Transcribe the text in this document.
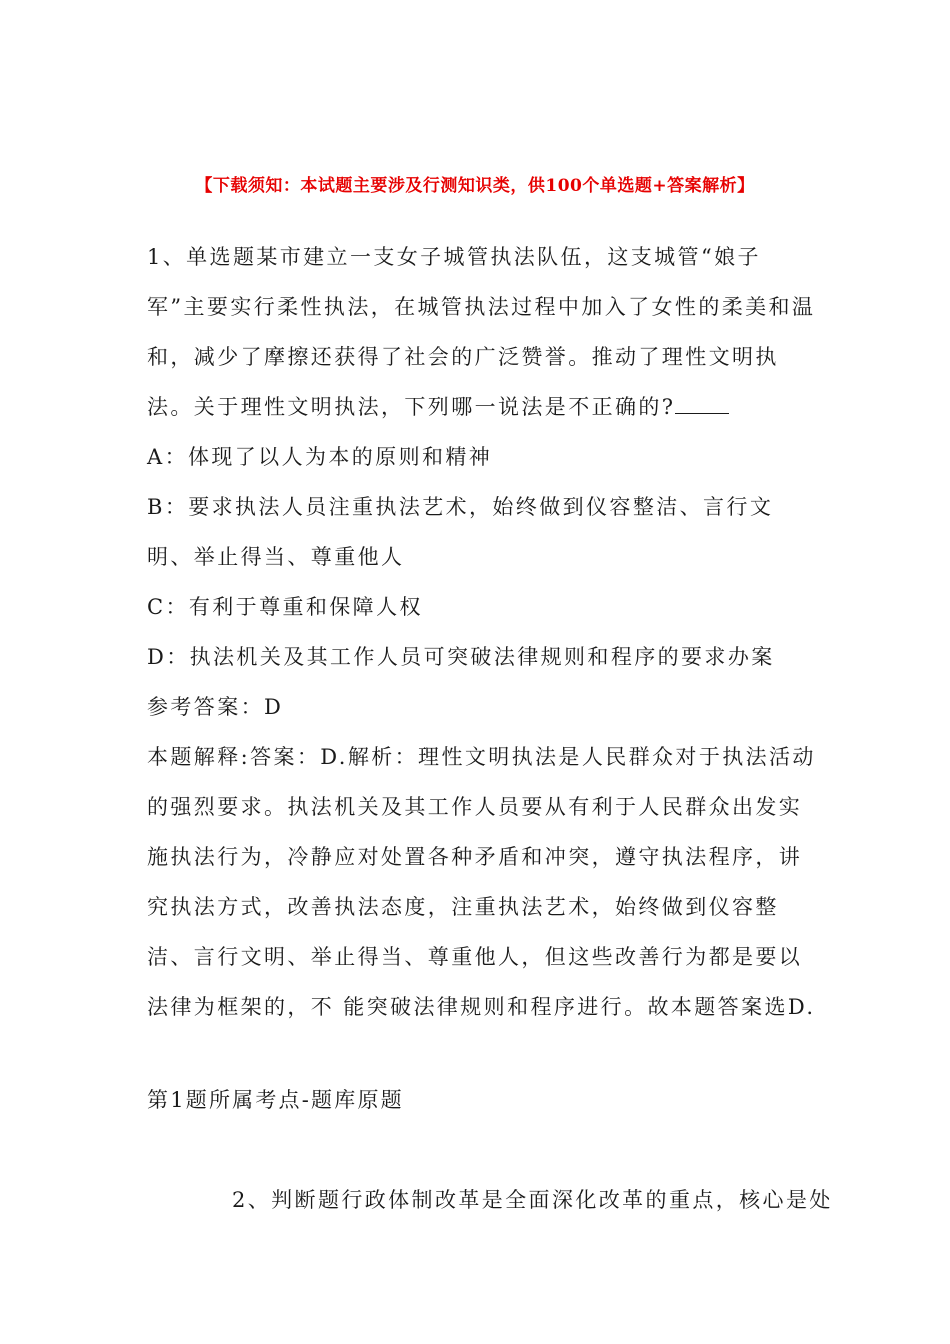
【下载须知：本试题主要涉及行测知识类，供100个单选题+答案解析】

1、单选题某市建立一支女子城管执法队伍，这支城管“娘子军”主要实行柔性执法，在城管执法过程中加入了女性的柔美和温和，减少了摩擦还获得了社会的广泛赞誉。推动了理性文明执 法。关于理性文明执法，下列哪一说法是不正确的?

A：体现了以人为本的原则和精神

B：要求执法人员注重执法艺术，始终做到仪容整洁、言行文明、举止得当、尊重他人

C：有利于尊重和保障人权

D：执法机关及其工作人员可突破法律规则和程序的要求办案

参考答案：D

本题解释:答案：D.解析：理性文明执法是人民群众对于执法活动的强烈要求。执法机关及其工作人员要从有利于人民群众出发实施执法行为，冷静应对处置各种矛盾和冲突，遵守执法程序，讲究执法方式，改善执法态度，注重执法艺术，始终做到仪容整洁、言行文明、举止得当、尊重他人，但这些改善行为都是要以法律为框架的，不 能突破法律规则和程序进行。故本题答案选D.

第1题所属考点-题库原题
2、判断题行政体制改革是全面深化改革的重点，核心是处
